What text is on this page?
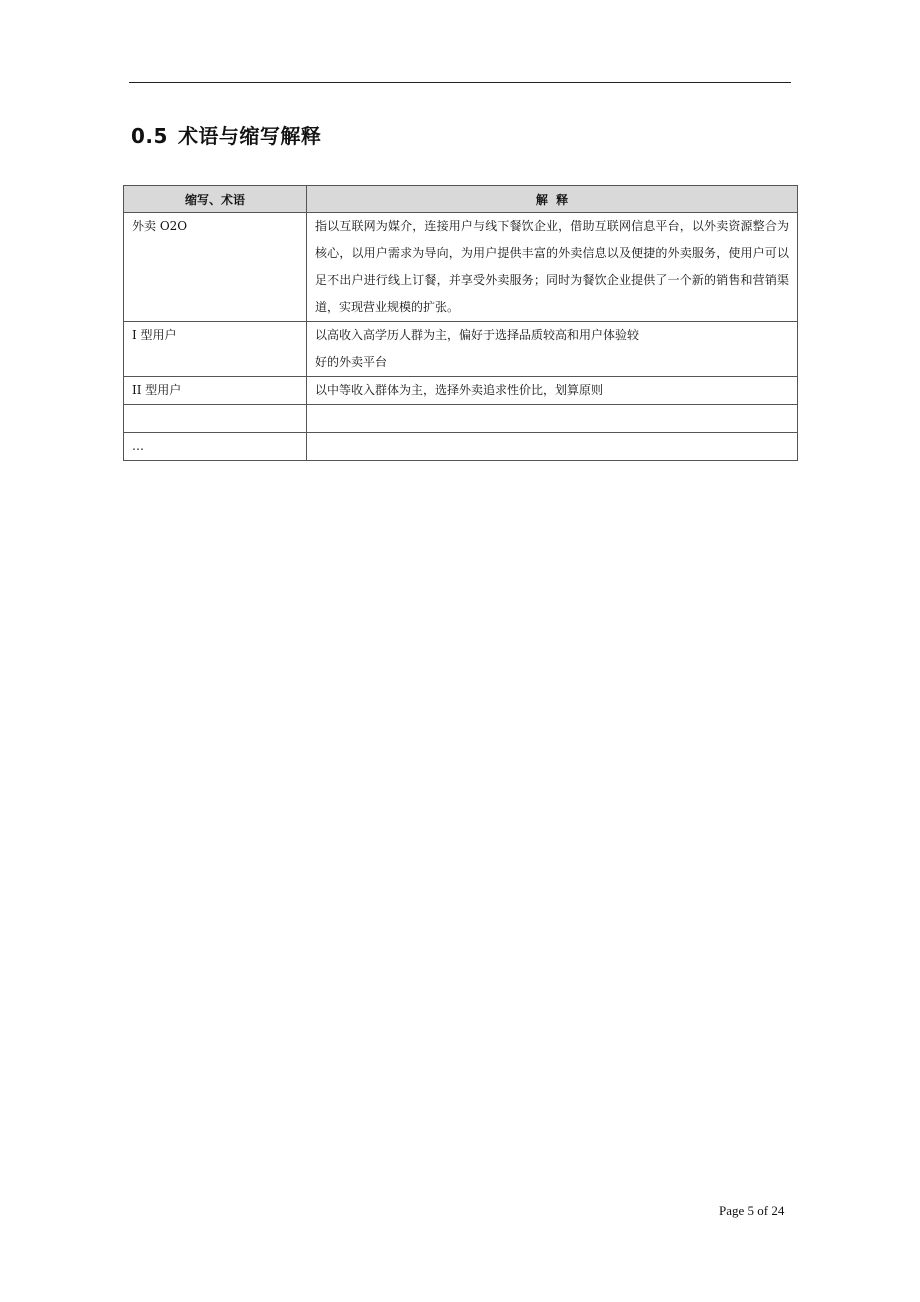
0.5 术语与缩写解释
缩写、术语	解  释
外卖 O2O	指以互联网为媒介，连接用户与线下餐饮企业，借助互联网信息平台，以外卖资源整合为核心，以用户需求为导向，为用户提供丰富的外卖信息以及便捷的外卖服务，使用户可以足不出户进行线上订餐，并享受外卖服务；同时为餐饮企业提供了一个新的销售和营销渠道，实现营业规模的扩张。
I 型用户	以高收入高学历人群为主，偏好于选择品质较高和用户体验较
好的外卖平台

II 型用户	以中等收入群体为主，选择外卖追求性价比，划算原则

…	
Page 5 of 24
